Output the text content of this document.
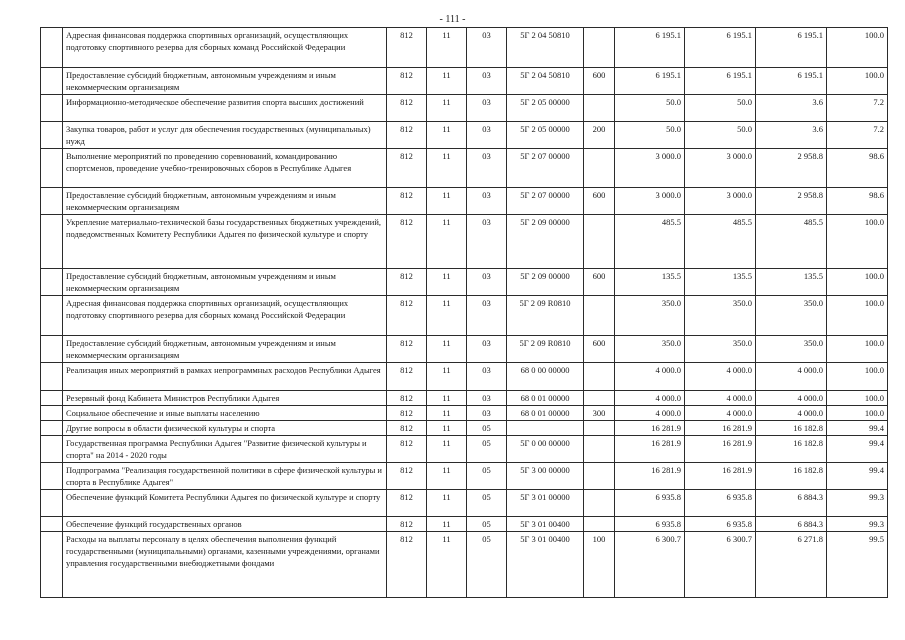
- 111 -
	Адресная финансовая поддержка спортивных организаций, осуществляющих подготовку спортивного резерва для сборных команд Российской Федерации	812	11	03	5Г 2 04 50810		6 195.1	6 195.1	6 195.1	100.0
	Предоставление субсидий бюджетным, автономным учреждениям и иным некоммерческим организациям	812	11	03	5Г 2 04 50810	600	6 195.1	6 195.1	6 195.1	100.0
	Информационно-методическое обеспечение развития спорта высших достижений	812	11	03	5Г 2 05 00000		50.0	50.0	3.6	7.2
	Закупка товаров, работ и услуг для обеспечения государственных (муниципальных) нужд	812	11	03	5Г 2 05 00000	200	50.0	50.0	3.6	7.2
	Выполнение мероприятий по проведению соревнований, командированию спортсменов, проведение учебно-тренировочных сборов в Республике Адыгея	812	11	03	5Г 2 07 00000		3 000.0	3 000.0	2 958.8	98.6
	Предоставление субсидий бюджетным, автономным учреждениям и иным некоммерческим организациям	812	11	03	5Г 2 07 00000	600	3 000.0	3 000.0	2 958.8	98.6
	Укрепление материально-технической базы государственных бюджетных учреждений, подведомственных Комитету Республики Адыгея по физической культуре и спорту	812	11	03	5Г 2 09 00000		485.5	485.5	485.5	100.0
	Предоставление субсидий бюджетным, автономным учреждениям и иным некоммерческим организациям	812	11	03	5Г 2 09 00000	600	135.5	135.5	135.5	100.0
	Адресная финансовая поддержка спортивных организаций, осуществляющих подготовку спортивного резерва для сборных команд Российской Федерации	812	11	03	5Г 2 09 R0810		350.0	350.0	350.0	100.0
	Предоставление субсидий бюджетным, автономным учреждениям и иным некоммерческим организациям	812	11	03	5Г 2 09 R0810	600	350.0	350.0	350.0	100.0
	Реализация иных мероприятий в рамках непрограммных расходов Республики Адыгея	812	11	03	68 0 00 00000		4 000.0	4 000.0	4 000.0	100.0
	Резервный фонд Кабинета Министров Республики Адыгея	812	11	03	68 0 01 00000		4 000.0	4 000.0	4 000.0	100.0
	Социальное обеспечение и иные выплаты населению	812	11	03	68 0 01 00000	300	4 000.0	4 000.0	4 000.0	100.0
	Другие вопросы в области физической культуры и спорта	812	11	05			16 281.9	16 281.9	16 182.8	99.4
	Государственная программа Республики Адыгея "Развитие физической культуры и спорта" на 2014 - 2020 годы	812	11	05	5Г 0 00 00000		16 281.9	16 281.9	16 182.8	99.4
	Подпрограмма "Реализация государственной политики в сфере физической культуры и спорта в Республике Адыгея"	812	11	05	5Г 3 00 00000		16 281.9	16 281.9	16 182.8	99.4
	Обеспечение функций Комитета Республики Адыгея по физической культуре и спорту	812	11	05	5Г 3 01 00000		6 935.8	6 935.8	6 884.3	99.3
	Обеспечение функций государственных органов	812	11	05	5Г 3 01 00400		6 935.8	6 935.8	6 884.3	99.3
	Расходы на выплаты персоналу в целях обеспечения выполнения функций государственными (муниципальными) органами, казенными учреждениями, органами управления государственными внебюджетными фондами	812	11	05	5Г 3 01 00400	100	6 300.7	6 300.7	6 271.8	99.5
